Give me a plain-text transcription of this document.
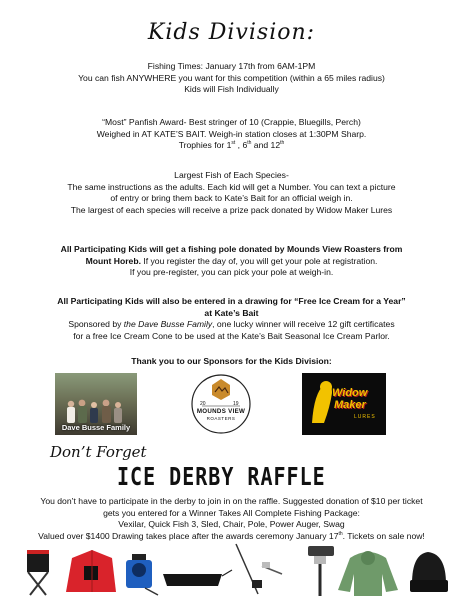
Kids Division:

Fishing Times: January 17th from 6AM-1PM

You can fish ANYWHERE you want for this competition (within a 65 miles radius)

Kids will Fish Individually

“Most” Panfish Award- Best stringer of 10 (Crappie, Bluegills, Perch)

Weighed in AT KATE’S BAIT. Weigh-in station closes at 1:30PM Sharp.

Trophies for 1st , 6th and 12th

Largest Fish of Each Species-

The same instructions as the adults. Each kid will get a Number. You can text a picture

of entry or bring them back to Kate’s Bait for an official weigh in.

The largest of each species will receive a prize pack donated by Widow Maker Lures

All Participating Kids will get a fishing pole donated by Mounds View Roasters from

Mount Horeb. If you register the day of, you will get your pole at registration.

If you pre-register, you can pick your pole at weigh-in.

All Participating Kids will also be entered in a drawing for “Free Ice Cream for a Year”

at Kate’s Bait

Sponsored by the Dave Busse Family, one lucky winner will receive 12 gift certificates

for a free Ice Cream Cone to be used at the Kate’s Bait Seasonal Ice Cream Parlor.

Thank you to our Sponsors for the Kids Division:
Dave Busse Family
20	19
MOUNDS VIEW
ROASTERS
Widow
Maker
LURES
Don’t Forget
ICE DERBY RAFFLE

You don’t have to participate in the derby to join in on the raffle. Suggested donation of $10 per ticket

gets you entered for a Winner Takes All Complete Fishing Package:

Vexilar, Quick Fish 3, Sled, Chair, Pole, Power Auger, Swag

Valued over $1400 Drawing takes place after the awards ceremony January 17th. Tickets on sale now!
